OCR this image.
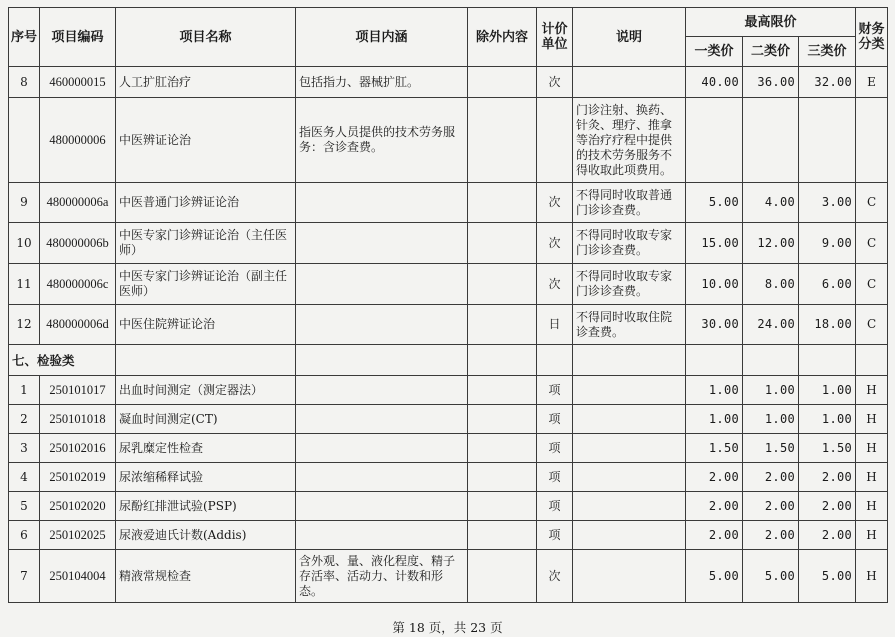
序号	项目编码	项目名称	项目内涵	除外内容	计价单位	说明	最高限价			财务分类
							一类价	二类价	三类价	
8	460000015	人工扩肛治疗	包括指力、器械扩肛。		次		40.00	36.00	32.00	E
	480000006	中医辨证论治	指医务人员提供的技术劳务服务：含诊查费。			门诊注射、换药、针灸、理疗、推拿等治疗疗程中提供的技术劳务服务不得收取此项费用。				
9	480000006a	中医普通门诊辨证论治			次	不得同时收取普通门诊诊查费。	5.00	4.00	3.00	C
10	480000006b	中医专家门诊辨证论治（主任医师）			次	不得同时收取专家门诊诊查费。	15.00	12.00	9.00	C
11	480000006c	中医专家门诊辨证论治（副主任医师）			次	不得同时收取专家门诊诊查费。	10.00	8.00	6.00	C
12	480000006d	中医住院辨证论治			日	不得同时收取住院诊查费。	30.00	24.00	18.00	C
七、检验类										
1	250101017	出血时间测定（测定器法）			项		1.00	1.00	1.00	H
2	250101018	凝血时间测定(CT)			项		1.00	1.00	1.00	H
3	250102016	尿乳糜定性检查			项		1.50	1.50	1.50	H
4	250102019	尿浓缩稀释试验			项		2.00	2.00	2.00	H
5	250102020	尿酚红排泄试验(PSP)			项		2.00	2.00	2.00	H
6	250102025	尿液爱迪氏计数(Addis)			项		2.00	2.00	2.00	H
7	250104004	精液常规检查	含外观、量、液化程度、精子存活率、活动力、计数和形态。		次		5.00	5.00	5.00	H
第 18 页，共 23 页
